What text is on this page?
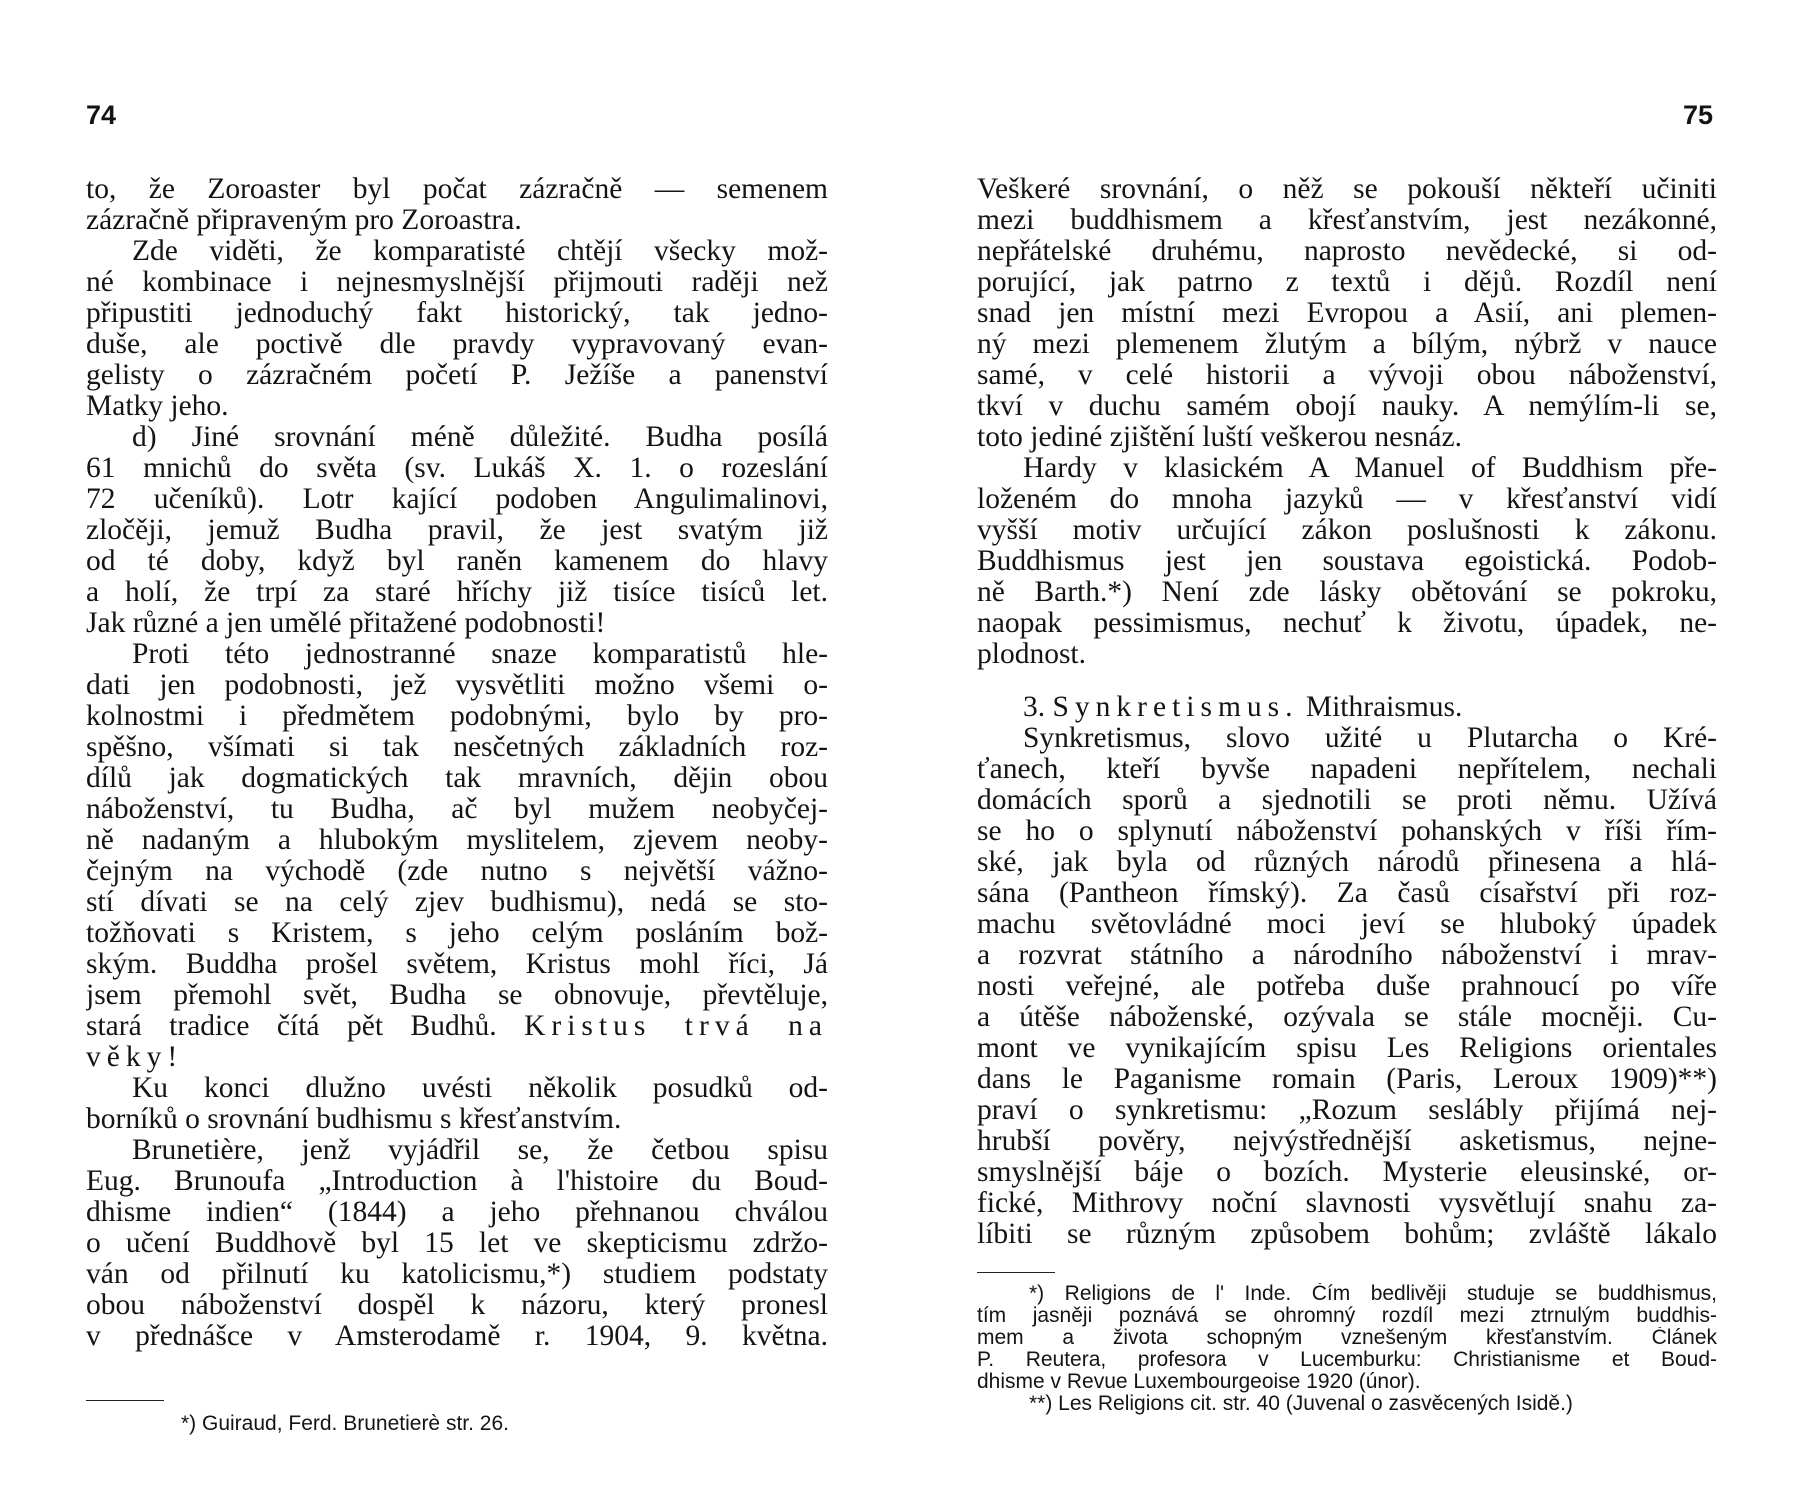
74
to, že Zoroaster byl počat zázračně — semenem
zázračně připraveným pro Zoroastra.
Zde viděti, že komparatisté chtějí všecky mož-
né kombinace i nejnesmyslnější přijmouti raději než
připustiti jednoduchý fakt historický, tak jedno-
duše, ale poctivě dle pravdy vypravovaný evan-
gelisty o zázračném početí P. Ježíše a panenství
Matky jeho.
d) Jiné srovnání méně důležité. Budha posílá
61 mnichů do světa (sv. Lukáš X. 1. o rozeslání
72 učeníků). Lotr kající podoben Angulimalinovi,
zločěji, jemuž Budha pravil, že jest svatým již
od té doby, když byl raněn kamenem do hlavy
a holí, že trpí za staré hříchy již tisíce tisíců let.
Jak různé a jen umělé přitažené podobnosti!
Proti této jednostranné snaze komparatistů hle-
dati jen podobnosti, jež vysvětliti možno všemi o-
kolnostmi i předmětem podobnými, bylo by pro-
spěšno, všímati si tak nesčetných základních roz-
dílů jak dogmatických tak mravních, dějin obou
náboženství, tu Budha, ač byl mužem neobyčej-
ně nadaným a hlubokým myslitelem, zjevem neoby-
čejným na východě (zde nutno s největší vážno-
stí dívati se na celý zjev budhismu), nedá se sto-
tožňovati s Kristem, s jeho celým posláním bož-
ským. Buddha prošel světem, Kristus mohl říci, Já
jsem přemohl svět, Budha se obnovuje, převtěluje,
stará tradice čítá pět Budhů. Kristus trvá na
věky!
Ku konci dlužno uvésti několik posudků od-
borníků o srovnání budhismu s křesťanstvím.
Brunetière, jenž vyjádřil se, že četbou spisu
Eug. Brunoufa „Introduction à l'histoire du Boud-
dhisme indien“ (1844) a jeho přehnanou chválou
o učení Buddhově byl 15 let ve skepticismu zdržo-
ván od přilnutí ku katolicismu,*) studiem podstaty
obou náboženství dospěl k názoru, který pronesl
v přednášce v Amsterodamě r. 1904, 9. května.
*) Guiraud, Ferd. Brunetierè str. 26.
75
Veškeré srovnání, o něž se pokouší někteří učiniti
mezi buddhismem a křesťanstvím, jest nezákonné,
nepřátelské druhému, naprosto nevědecké, si od-
porující, jak patrno z textů i dějů. Rozdíl není
snad jen místní mezi Evropou a Asií, ani plemen-
ný mezi plemenem žlutým a bílým, nýbrž v nauce
samé, v celé historii a vývoji obou náboženství,
tkví v duchu samém obojí nauky. A nemýlím-li se,
toto jediné zjištění luští veškerou nesnáz.
Hardy v klasickém A Manuel of Buddhism pře-
loženém do mnoha jazyků — v křesťanství vidí
vyšší motiv určující zákon poslušnosti k zákonu.
Buddhismus jest jen soustava egoistická. Podob-
ně Barth.*) Není zde lásky obětování se pokroku,
naopak pessimismus, nechuť k životu, úpadek, ne-
plodnost.
3. Synkretismus. Mithraismus.
Synkretismus, slovo užité u Plutarcha o Kré-
ťanech, kteří byvše napadeni nepřítelem, nechali
domácích sporů a sjednotili se proti němu. Užívá
se ho o splynutí náboženství pohanských v říši řím-
ské, jak byla od různých národů přinesena a hlá-
sána (Pantheon římský). Za časů císařství při roz-
machu světovládné moci jeví se hluboký úpadek
a rozvrat státního a národního náboženství i mrav-
nosti veřejné, ale potřeba duše prahnoucí po víře
a útěše náboženské, ozývala se stále mocněji. Cu-
mont ve vynikajícím spisu Les Religions orientales
dans le Paganisme romain (Paris, Leroux 1909)**)
praví o synkretismu: „Rozum seslábly přijímá nej-
hrubší pověry, nejvýstřednější asketismus, nejne-
smyslnější báje o bozích. Mysterie eleusinské, or-
fické, Mithrovy noční slavnosti vysvětlují snahu za-
líbiti se různým způsobem bohům; zvláště lákalo
*) Religions de l' Inde. Čím bedlivěji studuje se buddhismus,
tím jasněji poznává se ohromný rozdíl mezi ztrnulým buddhis-
mem a života schopným vznešeným křesťanstvím. Článek
P. Reutera, profesora v Lucemburku: Christianisme et Boud-
dhisme v Revue Luxembourgeoise 1920 (únor).
**) Les Religions cit. str. 40 (Juvenal o zasvěcených Isidě.)
